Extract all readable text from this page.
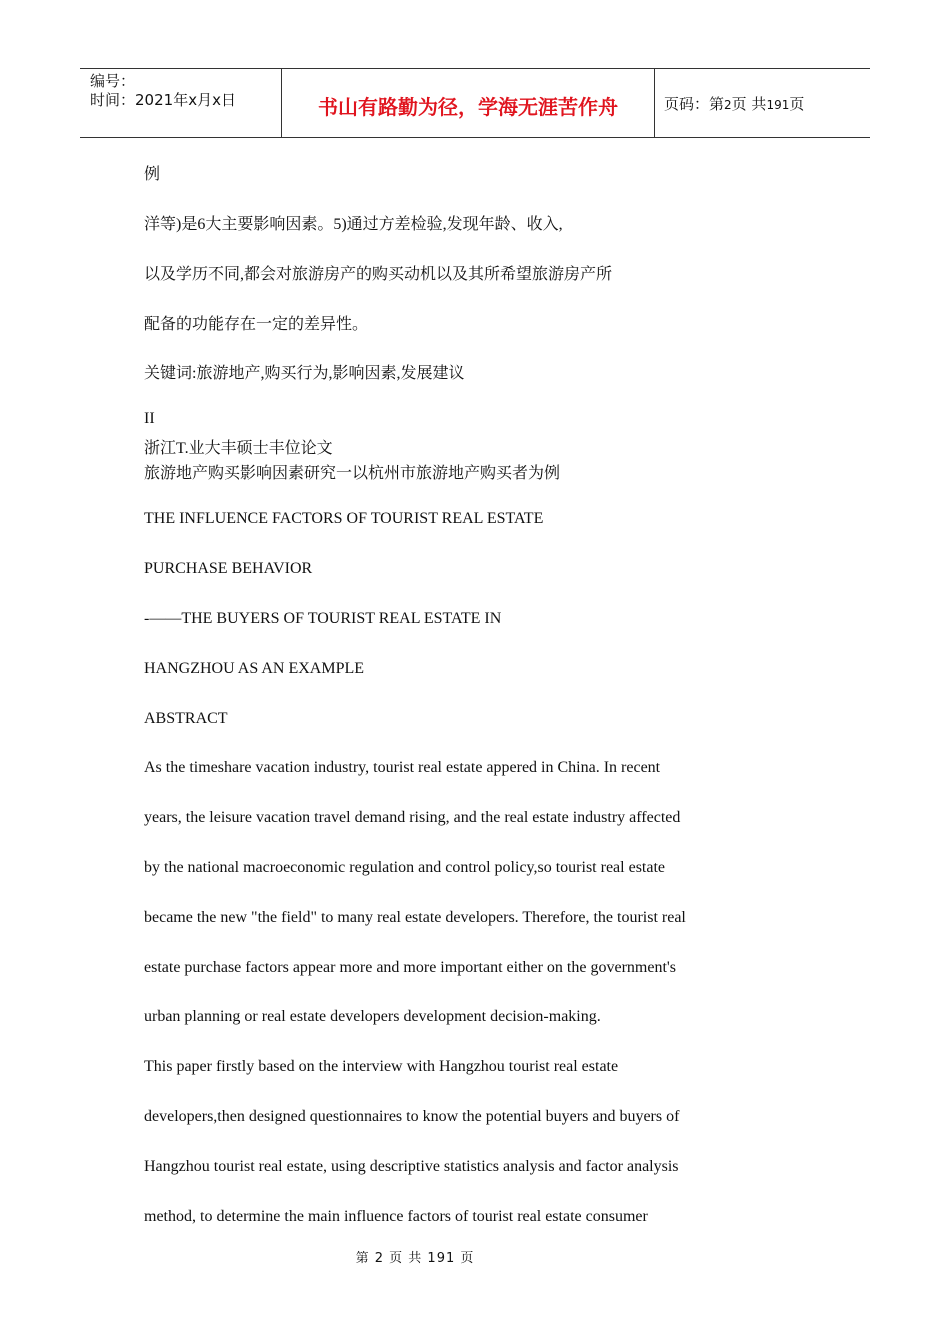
编号：
时间：2021年x月x日	书山有路勤为径，学海无涯苦作舟	页码：第2页 共191页
例
洋等)是6大主要影响因素。5)通过方差检验,发现年龄、收入,
以及学历不同,都会对旅游房产的购买动机以及其所希望旅游房产所
配备的功能存在一定的差异性。
关键词:旅游地产,购买行为,影响因素,发展建议
II
浙江T.业大丰硕士丰位论文
旅游地产购买影响因素研究一以杭州市旅游地产购买者为例
THE INFLUENCE FACTORS OF TOURIST REAL ESTATE
PURCHASE BEHAVIOR
-——THE BUYERS OF TOURIST REAL ESTATE IN
HANGZHOU AS AN EXAMPLE
ABSTRACT
As the timeshare vacation industry, tourist real estate appered in China. In recent
years, the leisure vacation travel demand rising, and the real estate industry affected
by the national macroeconomic regulation and control policy,so tourist real estate
became the new "the field" to many real estate developers. Therefore, the tourist real
estate purchase factors appear more and more important either on the government's
urban planning or real estate developers development decision-making.
This paper firstly based on the interview with Hangzhou tourist real estate
developers,then designed questionnaires to know the potential buyers and buyers of
Hangzhou tourist real estate, using descriptive statistics analysis and factor analysis
method, to determine the main influence factors of tourist real estate consumer
第 2 页 共 191 页
